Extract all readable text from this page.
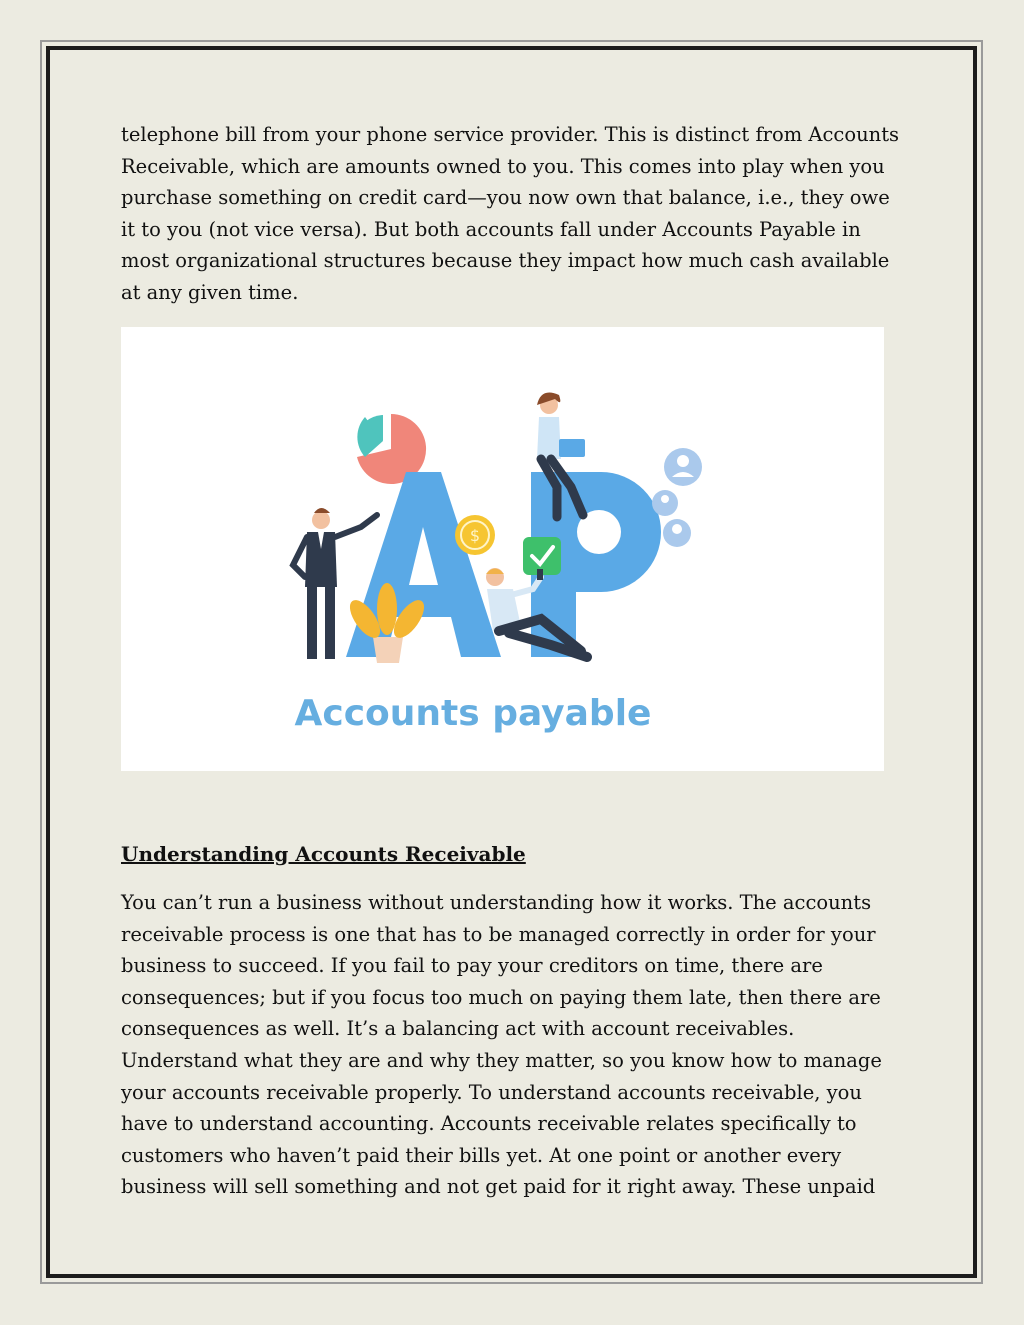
telephone bill from your phone service provider. This is distinct from Accounts Receivable, which are amounts owned to you. This comes into play when you purchase something on credit card—you now own that balance, i.e., they owe it to you (not vice versa). But both accounts fall under Accounts Payable in most organizational structures because they impact how much cash available at any given time.

$
Accounts payable
Understanding Accounts Receivable

You can’t run a business without understanding how it works. The accounts receivable process is one that has to be managed correctly in order for your business to succeed. If you fail to pay your creditors on time, there are consequences; but if you focus too much on paying them late, then there are consequences as well. It’s a balancing act with account receivables. Understand what they are and why they matter, so you know how to manage your accounts receivable properly. To understand accounts receivable, you have to understand accounting. Accounts receivable relates specifically to customers who haven’t paid their bills yet. At one point or another every business will sell something and not get paid for it right away. These unpaid
